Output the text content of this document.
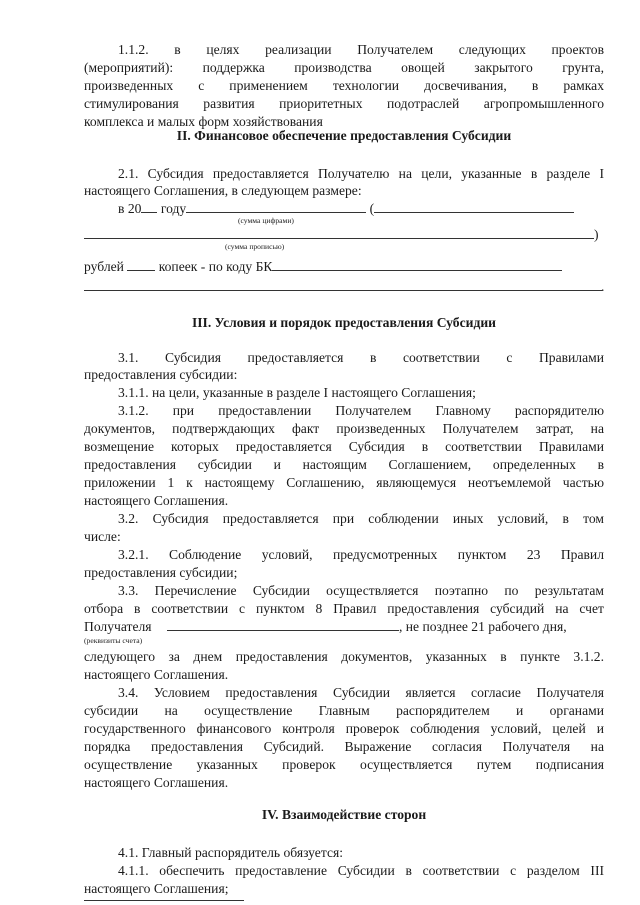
1.1.2. в целях реализации Получателем следующих проектов
(мероприятий): поддержка производства овощей закрытого грунта,
произведенных с применением технологии досвечивания, в рамках
стимулирования развития приоритетных подотраслей агропромышленного
комплекса и малых форм хозяйствования
II. Финансовое обеспечение предоставления Субсидии
2.1. Субсидия предоставляется Получателю на цели, указанные в разделе I
настоящего Соглашения, в следующем размере:
в 20 году	(
(сумма цифрами)
)
(сумма прописью)
рублей	копеек - по коду БК
.
III. Условия и порядок предоставления Субсидии
3.1. Субсидия предоставляется в соответствии с Правилами
предоставления субсидии:
3.1.1. на цели, указанные в разделе I настоящего Соглашения;
3.1.2. при предоставлении Получателем Главному распорядителю
документов, подтверждающих факт произведенных Получателем затрат, на
возмещение которых предоставляется Субсидия в соответствии Правилами
предоставления субсидии и настоящим Соглашением, определенных в
приложении 1 к настоящему Соглашению, являющемуся неотъемлемой частью
настоящего Соглашения.
3.2. Субсидия предоставляется при соблюдении иных условий, в том
числе:
3.2.1. Соблюдение условий, предусмотренных пунктом 23 Правил
предоставления субсидии;
3.3. Перечисление Субсидии осуществляется поэтапно по результатам
отбора в соответствии с пунктом 8 Правил предоставления субсидий на счет
Получателя	, не позднее 21 рабочего дня,
(реквизиты счета)
следующего за днем предоставления документов, указанных в пункте 3.1.2.
настоящего Соглашения.
3.4. Условием предоставления Субсидии является согласие Получателя
субсидии на осуществление Главным распорядителем и органами
государственного финансового контроля проверок соблюдения условий, целей и
порядка предоставления Субсидий. Выражение согласия Получателя на
осуществление указанных проверок осуществляется путем подписания
настоящего Соглашения.
IV. Взаимодействие сторон
4.1. Главный распорядитель обязуется:
4.1.1. обеспечить предоставление Субсидии в соответствии с разделом III
настоящего Соглашения;
